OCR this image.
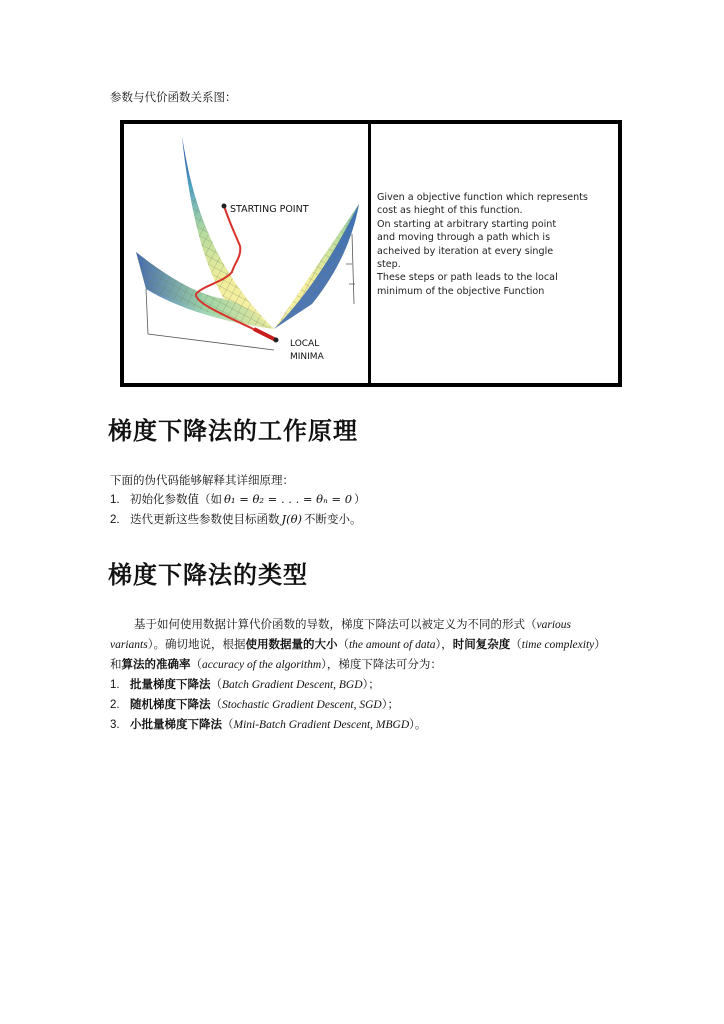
参数与代价函数关系图：
STARTING POINT
LOCAL
MINIMA
Given a objective function which represents
cost as hieght of this function.
On starting at arbitrary starting point
and moving through a path which is
acheived by iteration at every single
step.
These steps or path leads to the local
minimum of the objective Function
梯度下降法的工作原理
下面的伪代码能够解释其详细原理：
1. 初始化参数值（如 θ₁ = θ₂ = . . . = θₙ = 0 ）
2. 迭代更新这些参数使目标函数 J(θ) 不断变小。
梯度下降法的类型
基于如何使用数据计算代价函数的导数，梯度下降法可以被定义为不同的形式（various
variants）。确切地说，根据使用数据量的大小（the amount of data），时间复杂度（time complexity）
和算法的准确率（accuracy of the algorithm），梯度下降法可分为：
1. 批量梯度下降法（Batch Gradient Descent, BGD）；
2. 随机梯度下降法（Stochastic Gradient Descent, SGD）；
3. 小批量梯度下降法（Mini-Batch Gradient Descent, MBGD）。
